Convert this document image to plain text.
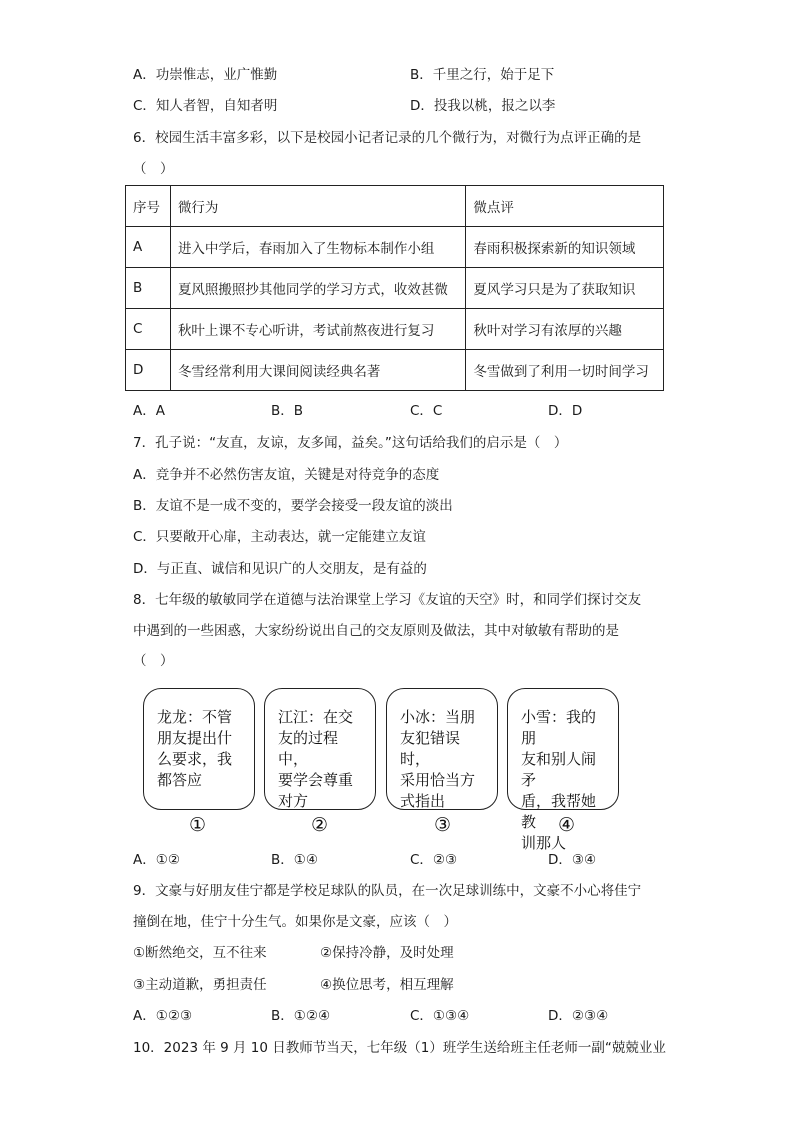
A．功崇惟志，业广惟勤	B．千里之行，始于足下
C．知人者智，自知者明	D．投我以桃，报之以李
6．校园生活丰富多彩，以下是校园小记者记录的几个微行为，对微行为点评正确的是
（　）
序号	微行为	微点评
A	进入中学后，春雨加入了生物标本制作小组	春雨积极探索新的知识领域
B	夏风照搬照抄其他同学的学习方式，收效甚微	夏风学习只是为了获取知识
C	秋叶上课不专心听讲，考试前熬夜进行复习	秋叶对学习有浓厚的兴趣
D	冬雪经常利用大课间阅读经典名著	冬雪做到了利用一切时间学习
A．A	B．B	C．C	D．D
7．孔子说：“友直，友谅，友多闻，益矣。”这句话给我们的启示是（　）
A．竞争并不必然伤害友谊，关键是对待竞争的态度
B．友谊不是一成不变的，要学会接受一段友谊的淡出
C．只要敞开心扉，主动表达，就一定能建立友谊
D．与正直、诚信和见识广的人交朋友，是有益的
8．七年级的敏敏同学在道德与法治课堂上学习《友谊的天空》时，和同学们探讨交友
中遇到的一些困惑，大家纷纷说出自己的交友原则及做法，其中对敏敏有帮助的是
（　）
龙龙：不管
朋友提出什
么要求，我
都答应
江江：在交
友的过程中，
要学会尊重
对方
小冰：当朋
友犯错误时，
采用恰当方
式指出
小雪：我的朋
友和别人闹矛
盾，我帮她教
训那人
①	②	③	④
A．①②	B．①④	C．②③	D．③④
9．文豪与好朋友佳宁都是学校足球队的队员，在一次足球训练中，文豪不小心将佳宁
撞倒在地，佳宁十分生气。如果你是文豪，应该（　）
①断然绝交，互不往来	②保持冷静，及时处理
③主动道歉，勇担责任	④换位思考，相互理解
A．①②③	B．①②④	C．①③④	D．②③④
10．2023 年 9 月 10 日教师节当天，七年级（1）班学生送给班主任老师一副“兢兢业业
